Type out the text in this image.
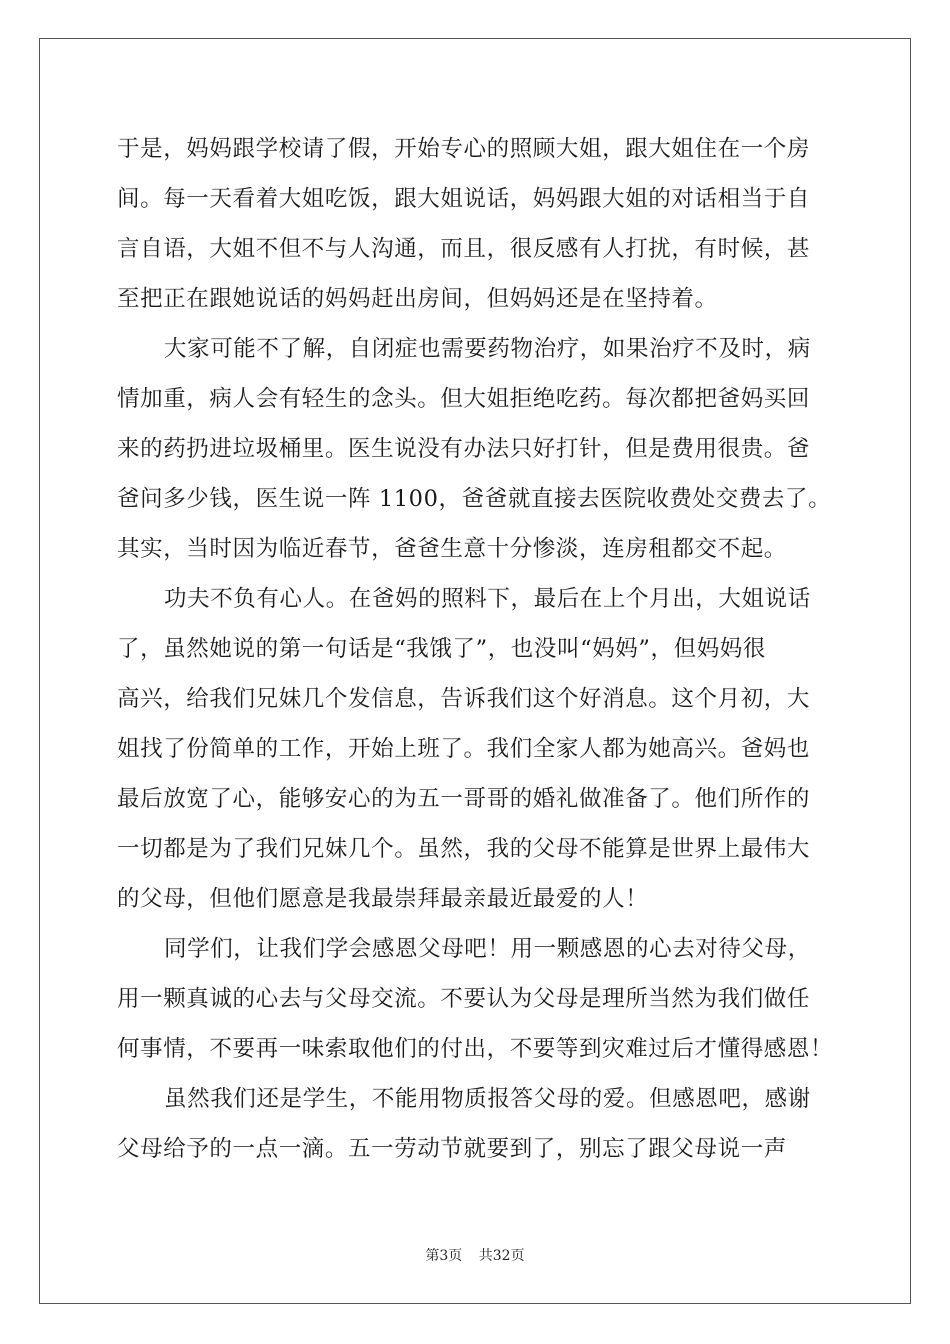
于是，妈妈跟学校请了假，开始专心的照顾大姐，跟大姐住在一个房
间。每一天看着大姐吃饭，跟大姐说话，妈妈跟大姐的对话相当于自
言自语，大姐不但不与人沟通，而且，很反感有人打扰，有时候，甚
至把正在跟她说话的妈妈赶出房间，但妈妈还是在坚持着。
大家可能不了解，自闭症也需要药物治疗，如果治疗不及时，病
情加重，病人会有轻生的念头。但大姐拒绝吃药。每次都把爸妈买回
来的药扔进垃圾桶里。医生说没有办法只好打针，但是费用很贵。爸
爸问多少钱，医生说一阵 1100，爸爸就直接去医院收费处交费去了。
其实，当时因为临近春节，爸爸生意十分惨淡，连房租都交不起。
功夫不负有心人。在爸妈的照料下，最后在上个月出，大姐说话
了，虽然她说的第一句话是“我饿了”，也没叫“妈妈”，但妈妈很
高兴，给我们兄妹几个发信息，告诉我们这个好消息。这个月初，大
姐找了份简单的工作，开始上班了。我们全家人都为她高兴。爸妈也
最后放宽了心，能够安心的为五一哥哥的婚礼做准备了。他们所作的
一切都是为了我们兄妹几个。虽然，我的父母不能算是世界上最伟大
的父母，但他们愿意是我最崇拜最亲最近最爱的人！
同学们，让我们学会感恩父母吧！用一颗感恩的心去对待父母，
用一颗真诚的心去与父母交流。不要认为父母是理所当然为我们做任
何事情，不要再一味索取他们的付出，不要等到灾难过后才懂得感恩！
虽然我们还是学生，不能用物质报答父母的爱。但感恩吧，感谢
父母给予的一点一滴。五一劳动节就要到了，别忘了跟父母说一声
第3页 共32页
